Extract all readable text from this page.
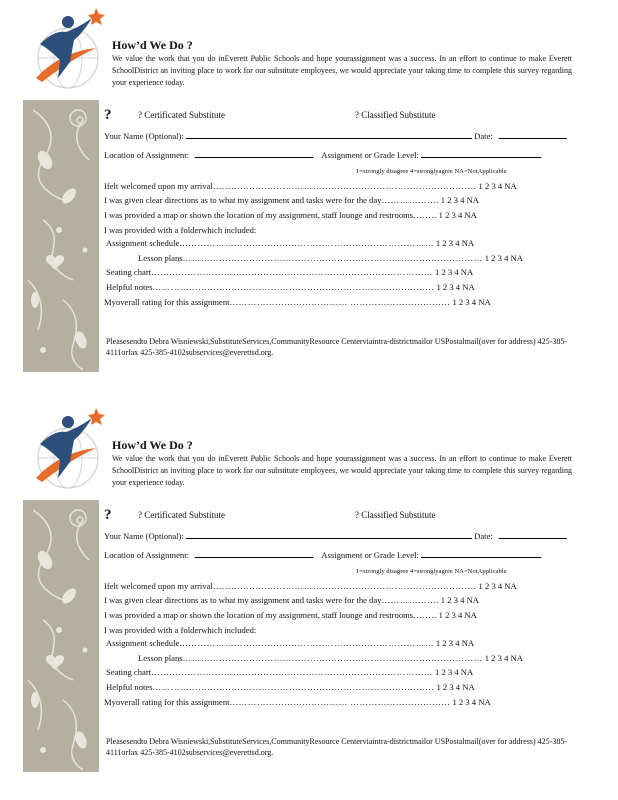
How’d We Do ?
We value the work that you do inEverett Public Schools and hope yourassignment was a success. In an effort to continue to make Everett SchoolDistrict an inviting place to work for our substitute employees, we would appreciate your taking time to complete this survey regarding your experience today.
?	? Certificated Substitute	? Classified Substitute
Your Name (Optional):	Date:
Location of Assignment:	Assignment or Grade Level:
1=strongly disagree 4=stronglyagree NA=NotApplicable
Ifelt welcomed upon my arrival…………………………………………………………………………… 1 2 3 4 NA
I was given clear directions as to what my assignment and tasks were for the day………………. 1 2 3 4 NA
I was provided a map or shown the location of my assignment, staff lounge and restrooms…….. 1 2 3 4 NA
I was provided with a folderwhich included:
Assignment schedule………………………………………………………………………… 1 2 3 4 NA
Lesson plans……………………………………………………………………………………… 1 2 3 4 NA
Seating chart………………………………………………………………………………… 1 2 3 4 NA
Helpful notes………………………………………………………………………………… 1 2 3 4 NA
Myoverall rating for this assignment………………………………… …………………………… 1 2 3 4 NA
Pleasesendto Debra Wisniewski,SubstituteServices,CommunityResource Centerviaintra-districtmailor USPostalmail(over for address) 425-385-4111orfax 425-385-4102subservices@everettsd.org.
How’d We Do ?
We value the work that you do inEverett Public Schools and hope yourassignment was a success. In an effort to continue to make Everett SchoolDistrict an inviting place to work for our substitute employees, we would appreciate your taking time to complete this survey regarding your experience today.
?	? Certificated Substitute	? Classified Substitute
Your Name (Optional):	Date:
Location of Assignment:	Assignment or Grade Level:
1=strongly disagree 4=stronglyagree NA=NotApplicable
Ifelt welcomed upon my arrival…………………………………………………………………………… 1 2 3 4 NA
I was given clear directions as to what my assignment and tasks were for the day………………. 1 2 3 4 NA
I was provided a map or shown the location of my assignment, staff lounge and restrooms…….. 1 2 3 4 NA
I was provided with a folderwhich included:
Assignment schedule………………………………………………………………………… 1 2 3 4 NA
Lesson plans……………………………………………………………………………………… 1 2 3 4 NA
Seating chart………………………………………………………………………………… 1 2 3 4 NA
Helpful notes………………………………………………………………………………… 1 2 3 4 NA
Myoverall rating for this assignment………………………………… …………………………… 1 2 3 4 NA
Pleasesendto Debra Wisniewski,SubstituteServices,CommunityResource Centerviaintra-districtmailor USPostalmail(over for address) 425-385-4111orfax 425-385-4102subservices@everettsd.org.
